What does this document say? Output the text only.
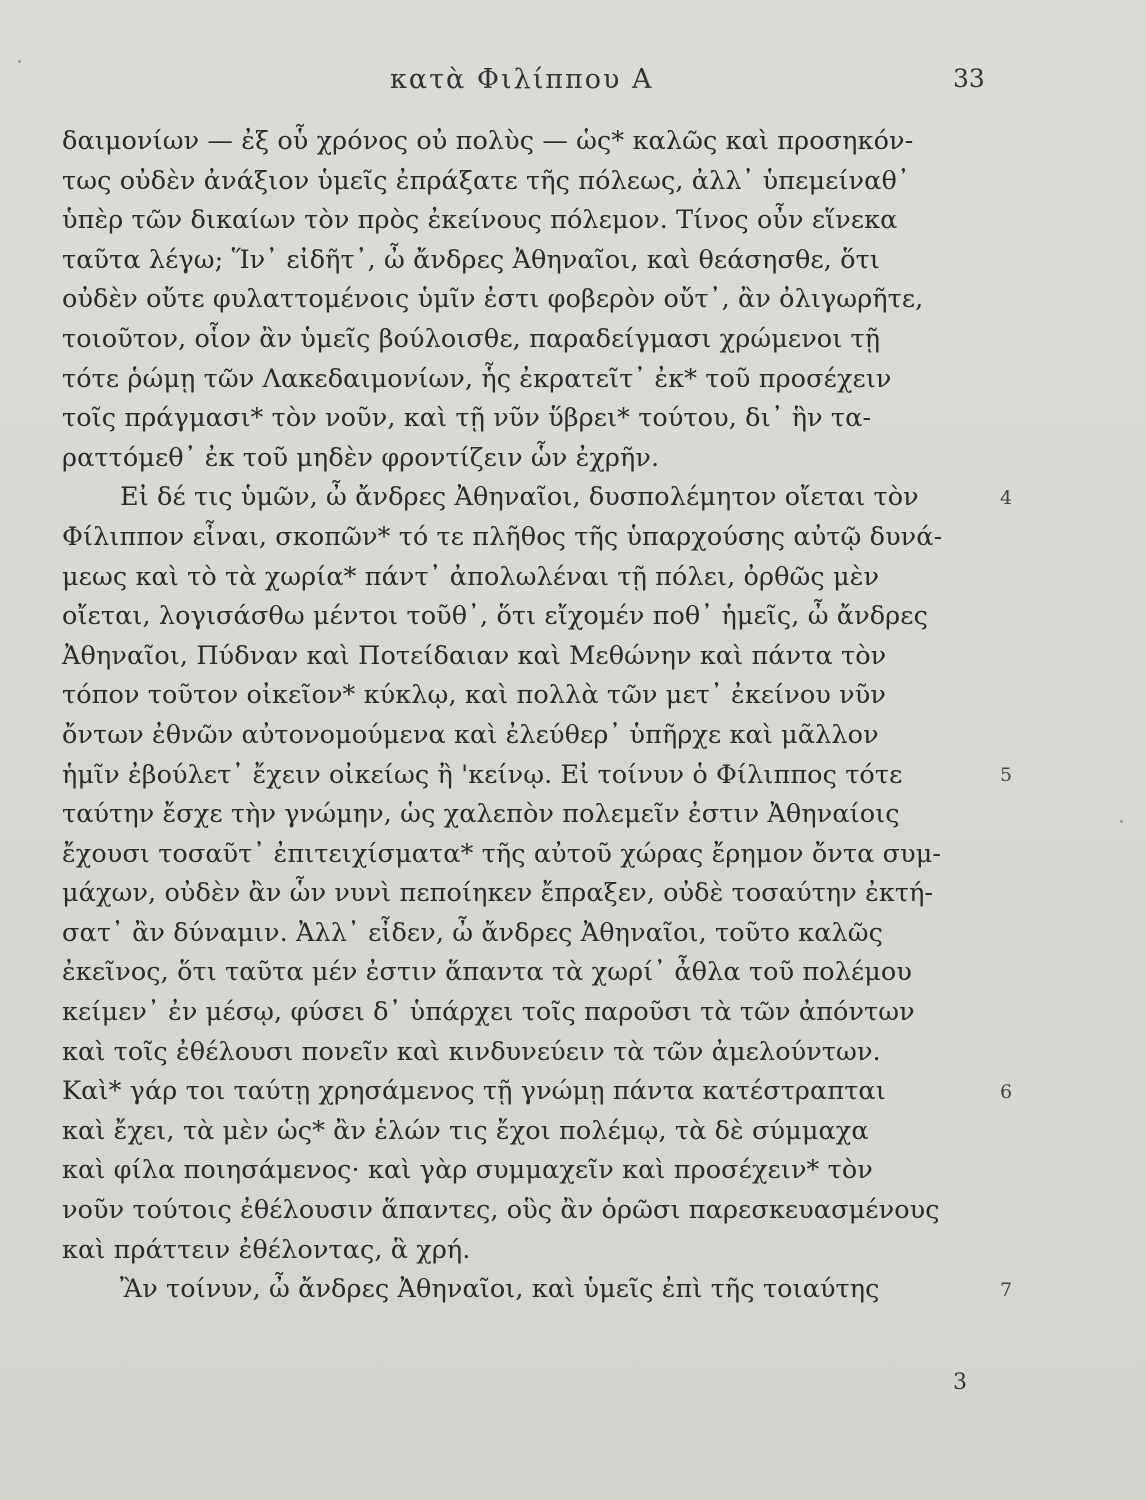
κατὰ Φιλίππου Α	33
δαιμονίων — ἐξ οὗ χρόνος οὐ πολὺς — ὡς* καλῶς καὶ προσηκόν-
τως οὐδὲν ἀνάξιον ὑμεῖς ἐπράξατε τῆς πόλεως, ἀλλ᾽ ὑπεμείναθ᾽
ὑπὲρ τῶν δικαίων τὸν πρὸς ἐκείνους πόλεμον. Τίνος οὖν εἵνεκα
ταῦτα λέγω; Ἵν᾽ εἰδῆτ᾽, ὦ ἄνδρες Ἀθηναῖοι, καὶ θεάσησθε, ὅτι
οὐδὲν οὔτε φυλαττομένοις ὑμῖν ἐστι φοβερὸν οὔτ᾽, ἂν ὀλιγωρῆτε,
τοιοῦτον, οἷον ἂν ὑμεῖς βούλοισθε, παραδείγμασι χρώμενοι τῇ
τότε ῥώμῃ τῶν Λακεδαιμονίων, ἧς ἐκρατεῖτ᾽ ἐκ* τοῦ προσέχειν
τοῖς πράγμασι* τὸν νοῦν, καὶ τῇ νῦν ὕβρει* τούτου, δι᾽ ἣν τα-
ραττόμεθ᾽ ἐκ τοῦ μηδὲν φροντίζειν ὧν ἐχρῆν.
Εἰ δέ τις ὑμῶν, ὦ ἄνδρες Ἀθηναῖοι, δυσπολέμητον οἴεται τὸν
Φίλιππον εἶναι, σκοπῶν* τό τε πλῆθος τῆς ὑπαρχούσης αὐτῷ δυνά-
μεως καὶ τὸ τὰ χωρία* πάντ᾽ ἀπολωλέναι τῇ πόλει, ὀρθῶς μὲν
οἴεται, λογισάσθω μέντοι τοῦθ᾽, ὅτι εἴχομέν ποθ᾽ ἡμεῖς, ὦ ἄνδρες
Ἀθηναῖοι, Πύδναν καὶ Ποτείδαιαν καὶ Μεθώνην καὶ πάντα τὸν
τόπον τοῦτον οἰκεῖον* κύκλῳ, καὶ πολλὰ τῶν μετ᾽ ἐκείνου νῦν
ὄντων ἐθνῶν αὐτονομούμενα καὶ ἐλεύθερ᾽ ὑπῆρχε καὶ μᾶλλον
ἡμῖν ἐβούλετ᾽ ἔχειν οἰκείως ἢ 'κείνῳ. Εἰ τοίνυν ὁ Φίλιππος τότε
ταύτην ἔσχε τὴν γνώμην, ὡς χαλεπὸν πολεμεῖν ἐστιν Ἀθηναίοις
ἔχουσι τοσαῦτ᾽ ἐπιτειχίσματα* τῆς αὐτοῦ χώρας ἔρημον ὄντα συμ-
μάχων, οὐδὲν ἂν ὧν νυνὶ πεποίηκεν ἔπραξεν, οὐδὲ τοσαύτην ἐκτή-
σατ᾽ ἂν δύναμιν. Ἀλλ᾽ εἶδεν, ὦ ἄνδρες Ἀθηναῖοι, τοῦτο καλῶς
ἐκεῖνος, ὅτι ταῦτα μέν ἐστιν ἅπαντα τὰ χωρί᾽ ἆθλα τοῦ πολέμου
κείμεν᾽ ἐν μέσῳ, φύσει δ᾽ ὑπάρχει τοῖς παροῦσι τὰ τῶν ἀπόντων
καὶ τοῖς ἐθέλουσι πονεῖν καὶ κινδυνεύειν τὰ τῶν ἀμελούντων.
Καὶ* γάρ τοι ταύτῃ χρησάμενος τῇ γνώμῃ πάντα κατέστραπται
καὶ ἔχει, τὰ μὲν ὡς* ἂν ἑλών τις ἔχοι πολέμῳ, τὰ δὲ σύμμαχα
καὶ φίλα ποιησάμενος· καὶ γὰρ συμμαχεῖν καὶ προσέχειν* τὸν
νοῦν τούτοις ἐθέλουσιν ἅπαντες, οὓς ἂν ὁρῶσι παρεσκευασμένους
καὶ πράττειν ἐθέλοντας, ἃ χρή.
Ἂν τοίνυν, ὦ ἄνδρες Ἀθηναῖοι, καὶ ὑμεῖς ἐπὶ τῆς τοιαύτης
4
5
6
7
3
